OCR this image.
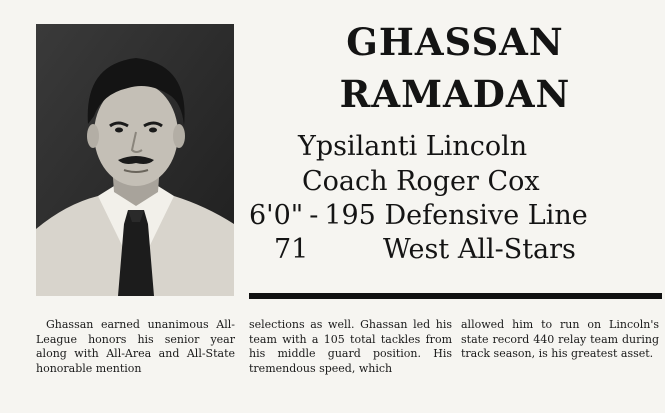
GHASSAN
RAMADAN
Ypsilanti Lincoln
Coach Roger Cox
6'0" - 195 Defensive Line
71	West All-Stars
Ghassan earned unanimous All-League honors his senior year along with All-Area and All-State honorable mention
selections as well. Ghassan led his team with a 105 total tackles from his middle guard position. His tremendous speed, which
allowed him to run on Lincoln's state record 440 relay team during track season, is his greatest asset.
